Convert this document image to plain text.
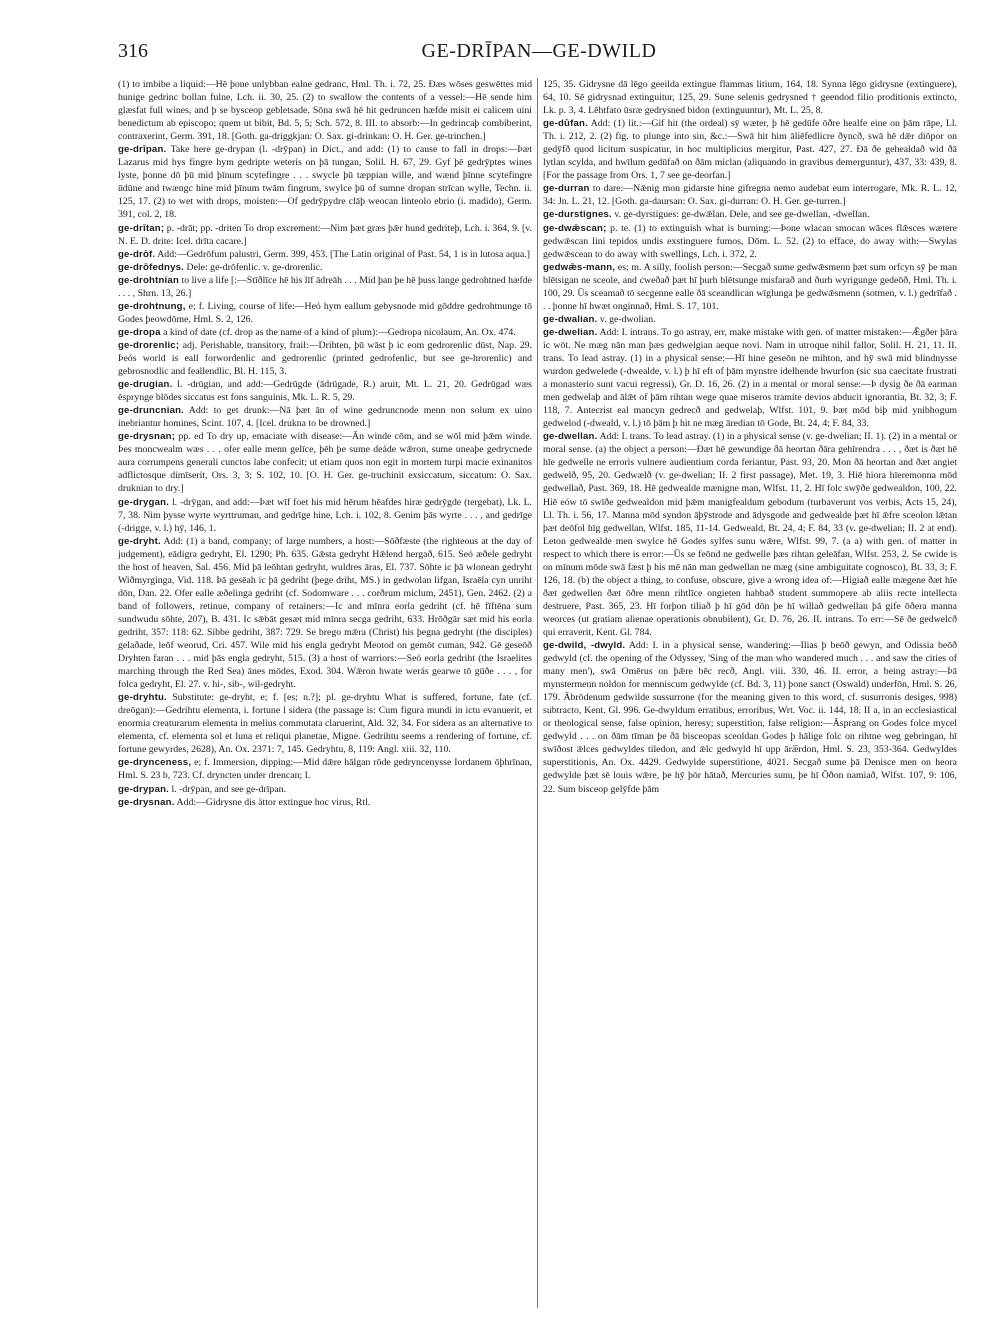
316	GE-DRĪPAN—GE-DWILD

(1) to imbibe a liquid:—Hē þone unlybban ealne gedranc, Hml. Th. i. 72, 25. Ðæs wōses geswēttes mid hunige gedrinc bollan fulne, Lch. ii. 30, 25. (2) to swallow the contents of a vessel:—Hē sende him glæsfat full wines, and þ se bysceop gebletsade. Sōna swā hē hit gedruncen hæfde misit ei calicem uini benedictum ab episcopo; quem ut bibit, Bd. 5, 5; Sch. 572, 8. III. to absorb:—In gedrincaþ combiberint, contraxerint, Germ. 391, 18. [Goth. ga-driggkjan: O. Sax. gi-drinkan: O. H. Ger. ge-trinchen.]

ge-drīpan. Take here ge-drypan (l. -drȳpan) in Dict., and add: (1) to cause to fall in drops:—Þæt Lazarus mid hys fingre hym gedripte weteris on þā tungan, Solil. H. 67, 29. Gyf þē gedrȳptes wines lyste, þonne dō þū mid þīnum scytefingre . . . swycle þū tæppian wille, and wænd þīnne scytefingre ūdūne and twængc hine mid þīnum twām fingrum, swylce þū of sumne dropan strīcan wylle, Techn. ii. 125, 17. (2) to wet with drops, moisten:—Of gedrȳpydre clāþ weocan linteolo ebrio (i. madido), Germ. 391, col. 2, 18.

ge-drītan; p. -drāt; pp. -driten To drop excrement:—Nim þæt græs þǣr hund gedriteþ, Lch. i. 364, 9. [v. N. E. D. drite: Icel. drīta cacare.]

ge-drōf. Add:—Gedrōfum palustri, Germ. 399, 453. [The Latin original of Past. 54, 1 is in lutosa aqua.]

ge-drōfednys. Dele: ge-drōfenlic. v. ge-drorenlic.

ge-drohtnian to live a life [:—Stīðlīce hē his līf ādreāh . . . Mid þan þe hē þuss lange gedrohtned hæfde . . . , Shrn. 13, 26.]

ge-drohtnung, e; f. Living, course of life:—Heó hym eallum gebysnode mid gōddre gedrohtnunge tō Godes þeowdōme, Hml. S. 2, 126.

ge-dropa a kind of date (cf. drop as the name of a kind of plum):—Gedropa nicolaum, An. Ox. 474.

ge-drorenlic; adj. Perishable, transitory, frail:—Drihten, þū wāst þ ic eom gedrorenlic dūst, Nap. 29. Þeós world is eall forwordenlic and gedrorenlic (printed gedrofenlic, but see ge-hrorenlic) and gebrosnodlic and feallendlic, Bl. H. 115, 3.

ge-drugian. l. -drūgian, and add:—Gedrūgde (ādrūgade, R.) aruit, Mt. L. 21, 20. Gedrūgad wæs ēspryngе blōdes siccatus est fons sanguinis, Mk. L. R. 5, 29.

ge-druncnian. Add: to get drunk:—Nā þæt ān of wine gedruncnode menn non solum ex uino inebriantur homines, Scint. 107, 4. [Icel. drukna to be drowned.]

ge-drysnan; pp. ed To dry up, emaciate with disease:—Ān winde cōm, and se wōl mid þǣm winde. Þes moncwealm wæs . . . ofer ealle menn gelīce, þēh þe sume deáde wǣron, sume uneaþe gedrycnede aura corrumpens generali cunctos labe confecit; ut etiam quos non egit in mortem turpi macie exinanitos adflictosque dimīserit, Ors. 3, 3; S. 102, 10. [O. H. Ger. ge-truchinit exsiccatum, siccatum: O. Sax. druknian to dry.]

ge-drygan. l. -drȳgan, and add:—Þæt wīf foet his mid hērum hēafdes hiræ gedrȳgde (tergebat), Lk. L. 7, 38. Nim þysse wyrte wyrttruman, and gedrīge hine, Lch. i. 102, 8. Genim þās wyrte . . . , and gedrīge (-drigge, v. l.) hȳ, 146, 1.

ge-dryht. Add: (1) a band, company; of large numbers, a host:—Sōðfæste (the righteous at the day of judgement), eādigra gedryht, El. 1290; Ph. 635. Gǣsta gedryht Hǣlend hergað, 615. Seó æðele gedryht the host of heaven, Sal. 456. Mid þā leōhtan gedryht, wuldres āras, El. 737. Sōhte ic þā wlonean gedryht Wiðmyrgingа, Vid. 118. Þā gesēah ic þā gedriht (þege driht, MS.) in gedwolan lifgan, Israēla cyn unriht dōn, Dan. 22. Ofer ealle æðelinga gedriht (cf. Sodomware . . . corðrum miclum, 2451), Gen. 2462. (2) a band of followers, retinue, company of retainers:—Ic and mīnra eorla gedriht (cf. hē fīftēna sum sundwudu sōhte, 207), B. 431. Ic sǣbāt gesæt mid mīnra secga gedriht, 633. Hrōðgār sæt mid his eorla gedriht, 357: 118: 62. Sibbe gedriht, 387: 729. Se brego mǣra (Christ) his þegna gedryht (the disciples) gelaðade, leōf weorud, Cri. 457. Wile mid his engla gedryht Meotod on gemōt cuman, 942. Gē geseōð Dryhten faran . . . mid þās engla gedryht, 515. (3) a host of warriors:—Seó eorla gedriht (the Israelites marching through the Red Sea) ānes mōdes, Exod. 304. Wǣron hwate werás gearwe tō gūðe . . . , for folca gedryht, El. 27. v. hi-, sib-, wil-gedryht.

ge-dryhtu. Substitute: ge-dryht, e; f. [es; n.?]; pl. ge-dryhtu What is suffered, fortune, fate (cf. dreōgan):—Gedrihtu elementa, i. fortune l sidera (the passage is: Cum figura mundi in ictu evanuerit, et enormia creaturarum elementa in melius commutata claruerint, Ald. 32, 34. For sidera as an alternative to elementa, cf. elementa sol et luna et reliqui planetae, Migne. Gedrihtu seems a rendering of fortune, cf. fortune gewyrdes, 2628), An. Ox. 2371: 7, 145. Gedryhtu, 8, 119: Angl. xiii. 32, 110.

ge-drynceness, e; f. Immersion, dipping:—Mid dǣre hālgan rōde gedryncenysse Iordanem ōþhrīnan, Hml. S. 23 b, 723. Cf. dryncten under drencan; I.

ge-drypan. l. -drȳpan, and see ge-drīpan.

ge-drysnan. Add:—Gidrysne dis ättor extingue hoc virus, Rtl.

125, 35. Gidrysne dā lēgo geeilda extingue flammas litium, 164, 18. Synna lēgo gidrysne (extinguere), 64, 10. Sē gidrysnad extinguitur, 125, 29. Sune selenis gedrysned † geendod filio proditionis extincto, Lk. p. 3, 4. Lēhtfato ūsræ gedrysned bidon (extinguuntur), Mt. L. 25, 8.

ge-dūfan. Add: (1) lit.:—Gif hit (the ordeal) sȳ wæter, þ hē gedūfe ōðre healfe eine on þām rāpe, Ll. Th. i. 212, 2. (2) fig. to plunge into sin, &c.:—Swā hit him āliēfedlicre ðyncð, swā hē dǣr diōpor on gedȳfð quod licitum suspicatur, in hoc multiplicius mergitur, Past. 427, 27. Ðā ðe gehealdað wid ðā lytlan scylda, and hwīlum gedūfað on ðām miclan (aliquando in gravibus demerguntur), 437, 33: 439, 8. [For the passage from Ors. 1, 7 see ge-deorfan.]

ge-durran to dare:—Nǣnig mon gidarste hine gifregna nemo audebat eum interrogare, Mk. R. L. 12, 34: Jn. L. 21, 12. [Goth. ga-daursan: O. Sax. gi-durran: O. H. Ger. ge-turren.]

ge-durstignes. v. ge-dyrstigues: ge-dwǣlan. Dele, and see ge-dwellan, -dwellan.

ge-dwǣscan; p. te. (1) to extinguish what is burning:—Þone wlacan smocan wāces flǣsces wætere gedwǣscan lini tepidos undis exstinguere fumos, Dōm. L. 52. (2) to efface, do away with:—Swylas gedwǣscean to do away with swellings, Lch. i. 372, 2.

gedwǣs-mann, es; m. A silly, foolish person:—Secgað sume gedwǣsmenn þæt sum orfcyn sȳ þe man blētsigan ne sceole, and cweðað þæt hī þurh blētsunge misfarað and ðurh wyrigunge gedeōð, Hml. Th. i. 100, 29. Ūs sceamað tō secgenne ealle ðā sceandlican wīglunga þe gedwǣsmenn (sotmen, v. l.) gedrīfað . . . þonne hī hwæt onginnað, Hml. S. 17, 101.

ge-dwalian. v. ge-dwolian.

ge-dwelian. Add: I. intrans. To go astray, err, make mistake with gen. of matter mistaken:—Ǣgðer þāra ic wōt. Ne mæg nān man þæs gedwelgian aeque novi. Nam in utroque nihil fallor, Solil. H. 21, 11. II. trans. To lead astray. (1) in a physical sense:—Hī hine geseōn ne mihton, and hȳ swā mid blindnysse wurdon gedwelede (-dwealde, v. l.) þ hī eft of þām mynstre idelhende hwurfon (sic sua caecitate frustrati a monasterio sunt vacui regressi), Gr. D. 16, 26. (2) in a mental or moral sense:—Þ dysig ðe ðā earman men gedwelaþ and ālǣt of þām rihtan wege quae miseros tramite devios abducit ignorantia, Bt. 32, 3; F. 118, 7. Antecrist eal mancyn gedrecð and gedwelaþ, Wlfst. 101, 9. Þæt mōd biþ mid ynibhogum gedwelod (-dweald, v. l.) tō þām þ hit ne mæg āredian tō Gode, Bt. 24, 4; F. 84, 33.

ge-dwellan. Add: I. trans. To lead astray. (1) in a physical sense (v. ge-dwelian; II. 1). (2) in a mental or moral sense. (a) the object a person:—Ðæt hē gewundige ðā heortan ðāra gehīrendra . . . , ðæt is ðæt hē hīe gedwelle ne erroris vulnere audientium corda feriantur, Past. 93, 20. Mon ðā heortan and ðæt angiet gedwelð, 95, 20. Gedwælð (v. ge-dwelian; II. 2 first passage), Met. 19, 3. Hiē hiora hīeremonna mōd gedwellað, Past. 369, 18. Hē gedwealde mænigne man, Wlfst. 11, 2. Hī folc swȳðe gedwealdon, 100, 22. Hiē eów tō swīðe gedwealdon mid þǣm manigfealdum gebodum (turbaverunt vos verbis, Acts 15, 24), Ll. Th. i. 56, 17. Manna mōd syndon āþȳstrode and ādysgode and gedwealde þæt hī ǣfre sceolon lǣtan þæt deōfol hīg gedwellan, Wlfst. 185, 11-14. Gedweald, Bt. 24, 4; F. 84, 33 (v. ge-dwelian; II. 2 at end). Leton gedwealde men swylce hē Godes sylfes sunu wǣre, Wlfst. 99, 7. (a a) with gen. of matter in respect to which there is error:—Ūs se feōnd ne gedwelle þæs rihtan geleāfan, Wlfst. 253, 2. Se cwide is on mīnum mōde swā fæst þ his mē nān man gedwellan ne mæg (sine ambiguitate cognosco), Bt. 33, 3; F. 126, 18. (b) the object a thing, to confuse, obscure, give a wrong idea of:—Higiað ealle mægene ðæt hīe ðæt gedwellen ðæt ōðre menn rihtlīce ongieten habbað student summopere ab aliis recte intellecta destruere, Past. 365, 23. Hī forþon tiliað þ hī gōd dōn þe hī willað gedwellan þā gife ōðera manna weorces (ut gratiam alienae operationis obnubilent), Gr. D. 76, 26. II. intrans. To err:—Sē ðe gedwelcð qui erraverit, Kent. Gl. 784.

ge-dwild, -dwyld. Add: I. in a physical sense, wandering:—Ilias þ beōð gewyn, and Odissia beōð gedwyld (cf. the opening of the Odyssey, 'Sing of the man who wandered much . . . and saw the cities of many men'), swā Omērus on þǣre bēc recð, Angl. viii. 330, 46. II. error, a being astray:—Þā mynstermenn noldon for menniscum gedwylde (cf. Bd. 3, 11) þone sanct (Oswald) underfōn, Hml. S. 26, 179. Ābrōdenum gedwilde sussurrone (for the meaning given to this word, cf. susurronis desiges, 998) subtracto, Kent. Gl. 996. Ge-dwyldum erratibus, erroribus, Wrt. Voc. ii. 144, 18. II a, in an ecclesiastical or theological sense, false opinion, heresy; superstition, false religion:—Āsprang on Godes folce mycel gedwyld . . . on ðām tīman þe ðā bisceopas sceoldan Godes þ hālige folc on rihtne weg gebringan, hī swīðost ǣlces gedwyldes tiledon, and ǣlc gedwyld hī upp āræ̅rdon, Hml. S. 23, 353-364. Gedwyldes superstitionis, An. Ox. 4429. Gedwylde superstitione, 4021. Secgað sume þā Denisce men on heora gedwylde þæt sē louis wǣre, þe hȳ þōr hātað, Mercuries sunu, þe hī Ōðon namiað, Wlfst. 107, 9: 106, 22. Sum bisceop gelȳfde þām
